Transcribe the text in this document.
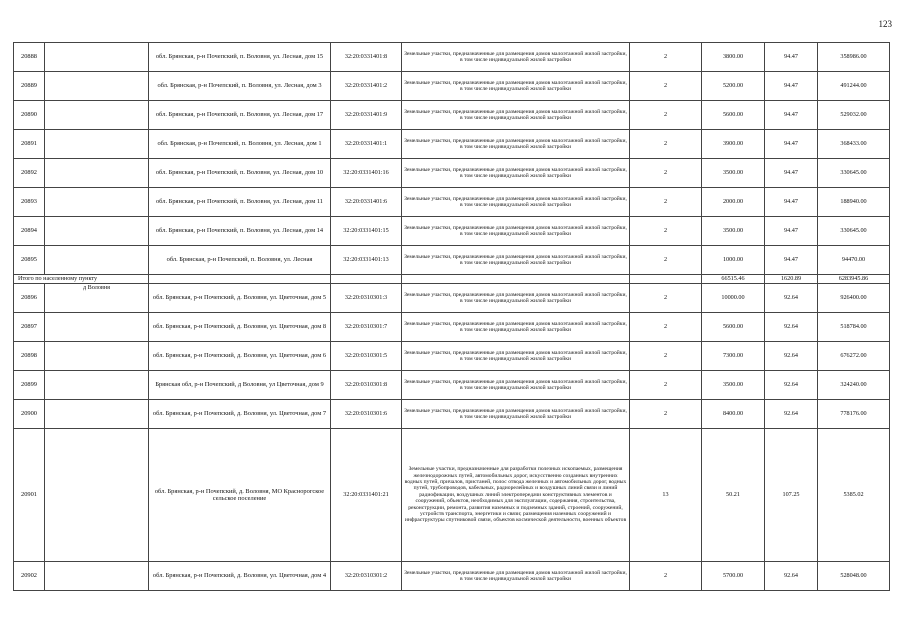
123
20888		обл. Брянская, р-н Почепский, п. Воловня, ул. Лесная, дом 15	32:20:0331401:8	Земельные участки, предназначенные для размещения домов малоэтажной жилой застройки, в том числе индивидуальной жилой застройки	2	3800.00	94.47	358986.00
20889		обл. Брянская, р-н Почепский, п. Воловня, ул. Лесная, дом 3	32:20:0331401:2	Земельные участки, предназначенные для размещения домов малоэтажной жилой застройки, в том числе индивидуальной жилой застройки	2	5200.00	94.47	491244.00
20890		обл. Брянская, р-н Почепский, п. Воловня, ул. Лесная, дом 17	32:20:0331401:9	Земельные участки, предназначенные для размещения домов малоэтажной жилой застройки, в том числе индивидуальной жилой застройки	2	5600.00	94.47	529032.00
20891		обл. Брянская, р-н Почепский, п. Воловня, ул. Лесная, дом 1	32:20:0331401:1	Земельные участки, предназначенные для размещения домов малоэтажной жилой застройки, в том числе индивидуальной жилой застройки	2	3900.00	94.47	368433.00
20892		обл. Брянская, р-н Почепский, п. Воловня, ул. Лесная, дом 10	32:20:0331401:16	Земельные участки, предназначенные для размещения домов малоэтажной жилой застройки, в том числе индивидуальной жилой застройки	2	3500.00	94.47	330645.00
20893		обл. Брянская, р-н Почепский, п. Воловня, ул. Лесная, дом 11	32:20:0331401:6	Земельные участки, предназначенные для размещения домов малоэтажной жилой застройки, в том числе индивидуальной жилой застройки	2	2000.00	94.47	188940.00
20894		обл. Брянская, р-н Почепский, п. Воловня, ул. Лесная, дом 14	32:20:0331401:15	Земельные участки, предназначенные для размещения домов малоэтажной жилой застройки, в том числе индивидуальной жилой застройки	2	3500.00	94.47	330645.00
20895		обл. Брянская, р-н Почепский, п. Воловня, ул. Лесная	32:20:0331401:13	Земельные участки, предназначенные для размещения домов малоэтажной жилой застройки, в том числе индивидуальной жилой застройки	2	1000.00	94.47	94470.00
Итого по населенному пункту						66515.46	1620.89	6283945.86
20896	д Воловня	обл. Брянская, р-н Почепский, д. Воловня, ул. Цветочная, дом 5	32:20:0310301:3	Земельные участки, предназначенные для размещения домов малоэтажной жилой застройки, в том числе индивидуальной жилой застройки	2	10000.00	92.64	926400.00
20897		обл. Брянская, р-н Почепский, д. Воловня, ул. Цветочная, дом 8	32:20:0310301:7	Земельные участки, предназначенные для размещения домов малоэтажной жилой застройки, в том числе индивидуальной жилой застройки	2	5600.00	92.64	518784.00
20898		обл. Брянская, р-н Почепский, д. Воловня, ул. Цветочная, дом 6	32:20:0310301:5	Земельные участки, предназначенные для размещения домов малоэтажной жилой застройки, в том числе индивидуальной жилой застройки	2	7300.00	92.64	676272.00
20899		Брянская обл, р-н Почепский, д Воловня, ул Цветочная, дом 9	32:20:0310301:8	Земельные участки, предназначенные для размещения домов малоэтажной жилой застройки, в том числе индивидуальной жилой застройки	2	3500.00	92.64	324240.00
20900		обл. Брянская, р-н Почепский, д. Воловня, ул. Цветочная, дом 7	32:20:0310301:6	Земельные участки, предназначенные для размещения домов малоэтажной жилой застройки, в том числе индивидуальной жилой застройки	2	8400.00	92.64	778176.00
20901		обл. Брянская, р-н Почепский, д. Воловня, МО Краснорогское сельское поселение	32:20:0331401:21	Земельные участки, предназначенные для разработки полезных ископаемых, размещения железнодорожных путей, автомобильных дорог, искусственно созданных внутренних водных путей, причалов, пристаней, полос отвода железных и автомобильных дорог, водных путей, трубопроводов, кабельных, радиорелейных и воздушных линий связи и линий радиофикации, воздушных линий электропередачи конструктивных элементов и сооружений, объектов, необходимых для эксплуатации, содержания, строительства, реконструкции, ремонта, развития наземных и подземных зданий, строений, сооружений, устройств транспорта, энергетики и связи; размещения наземных сооружений и инфраструктуры спутниковой связи, объектов космической деятельности, военных объектов	13	50.21	107.25	5385.02
20902		обл. Брянская, р-н Почепский, д. Воловня, ул. Цветочная, дом 4	32:20:0310301:2	Земельные участки, предназначенные для размещения домов малоэтажной жилой застройки, в том числе индивидуальной жилой застройки	2	5700.00	92.64	528048.00
